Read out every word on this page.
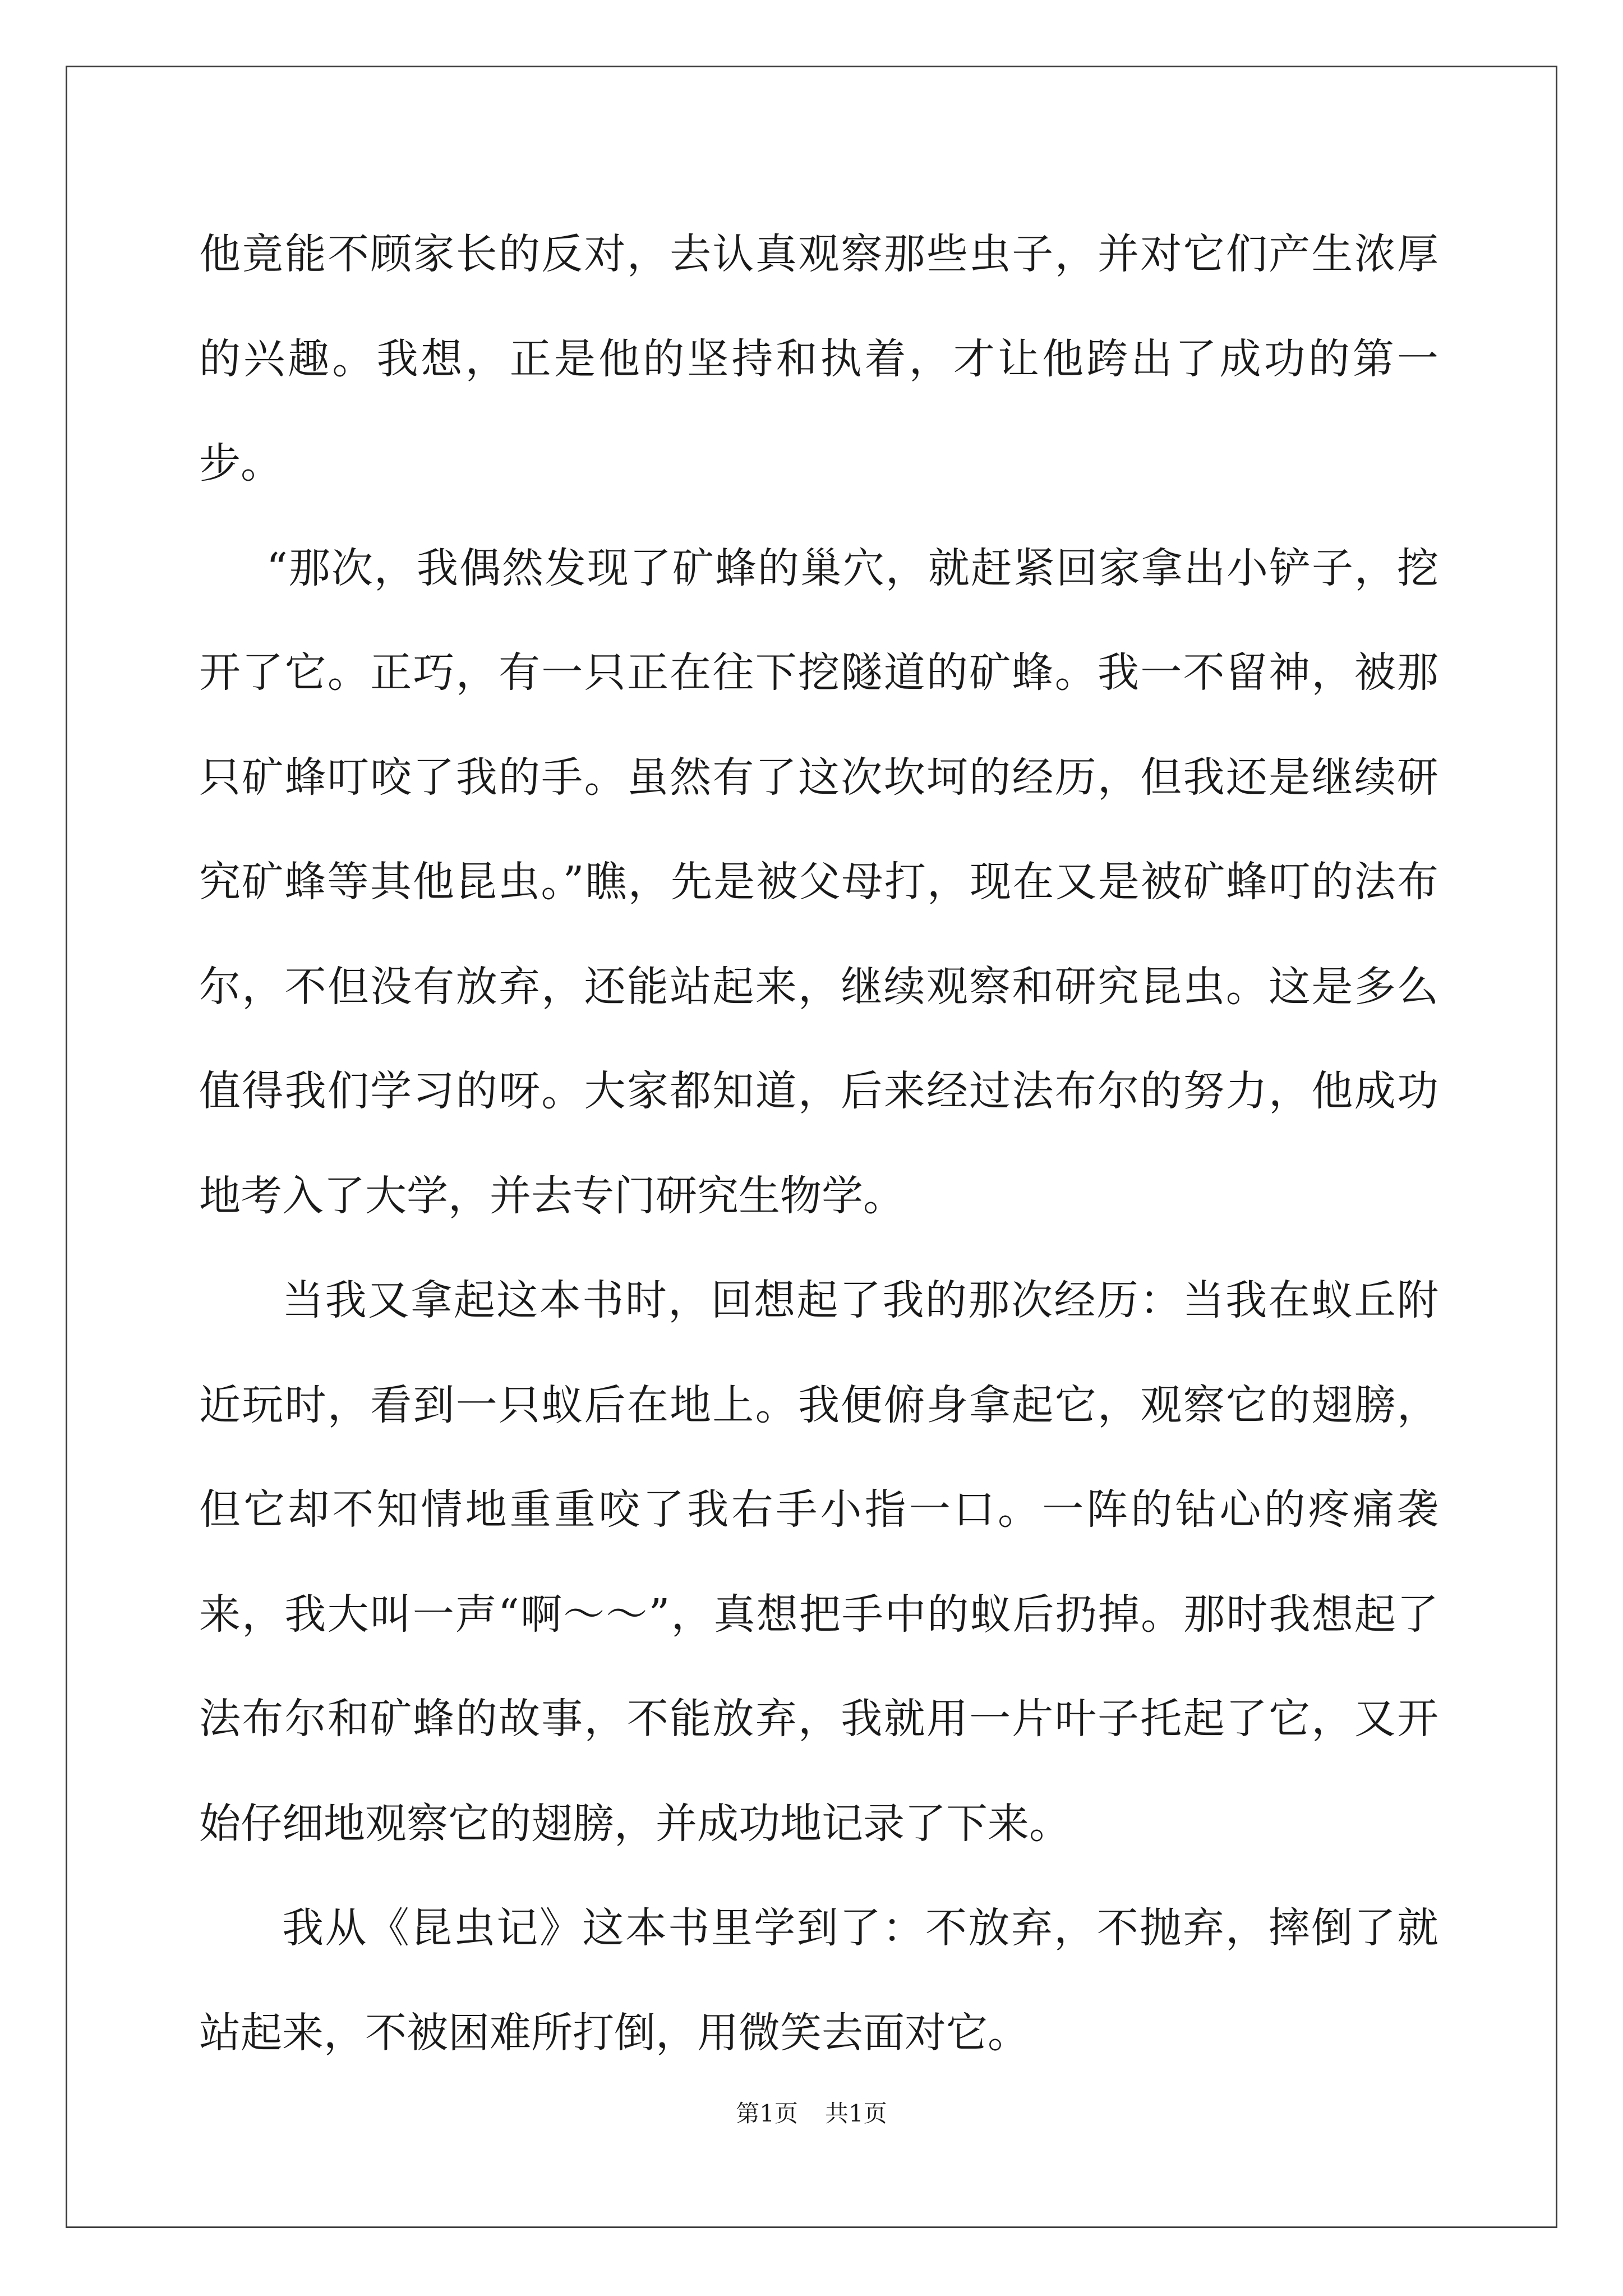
他竟能不顾家长的反对，去认真观察那些虫子，并对它们产生浓厚的兴趣。我想，正是他的坚持和执着，才让他跨出了成功的第一步。

“那次，我偶然发现了矿蜂的巢穴，就赶紧回家拿出小铲子，挖开了它。正巧，有一只正在往下挖隧道的矿蜂。我一不留神，被那只矿蜂叮咬了我的手。虽然有了这次坎坷的经历，但我还是继续研究矿蜂等其他昆虫。”瞧，先是被父母打，现在又是被矿蜂叮的法布尔，不但没有放弃，还能站起来，继续观察和研究昆虫。这是多么值得我们学习的呀。大家都知道，后来经过法布尔的努力，他成功地考入了大学，并去专门研究生物学。

当我又拿起这本书时，回想起了我的那次经历：当我在蚁丘附近玩时，看到一只蚁后在地上。我便俯身拿起它，观察它的翅膀，但它却不知情地重重咬了我右手小指一口。一阵的钻心的疼痛袭来，我大叫一声“啊～～”，真想把手中的蚁后扔掉。那时我想起了法布尔和矿蜂的故事，不能放弃，我就用一片叶子托起了它，又开始仔细地观察它的翅膀，并成功地记录了下来。

我从《昆虫记》这本书里学到了：不放弃，不抛弃，摔倒了就站起来，不被困难所打倒，用微笑去面对它。

第1页 共1页
